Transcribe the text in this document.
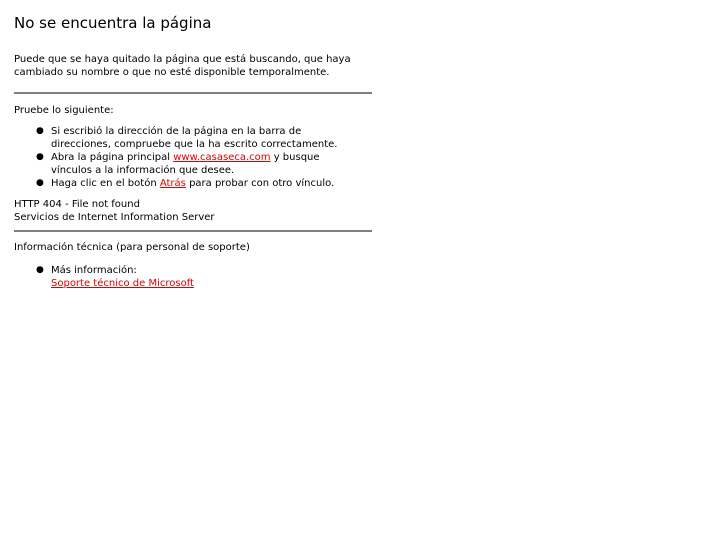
No se encuentra la página

Puede que se haya quitado la página que está buscando, que haya
cambiado su nombre o que no esté disponible temporalmente.

Pruebe lo siguiente:

● Si escribió la dirección de la página en la barra de
direcciones, compruebe que la ha escrito correctamente.
● Abra la página principal www.casaseca.com y busque
vínculos a la información que desee.
● Haga clic en el botón Atrás para probar con otro vínculo.

HTTP 404 - File not found
Servicios de Internet Information Server

Información técnica (para personal de soporte)

● Más información:
Soporte técnico de Microsoft
